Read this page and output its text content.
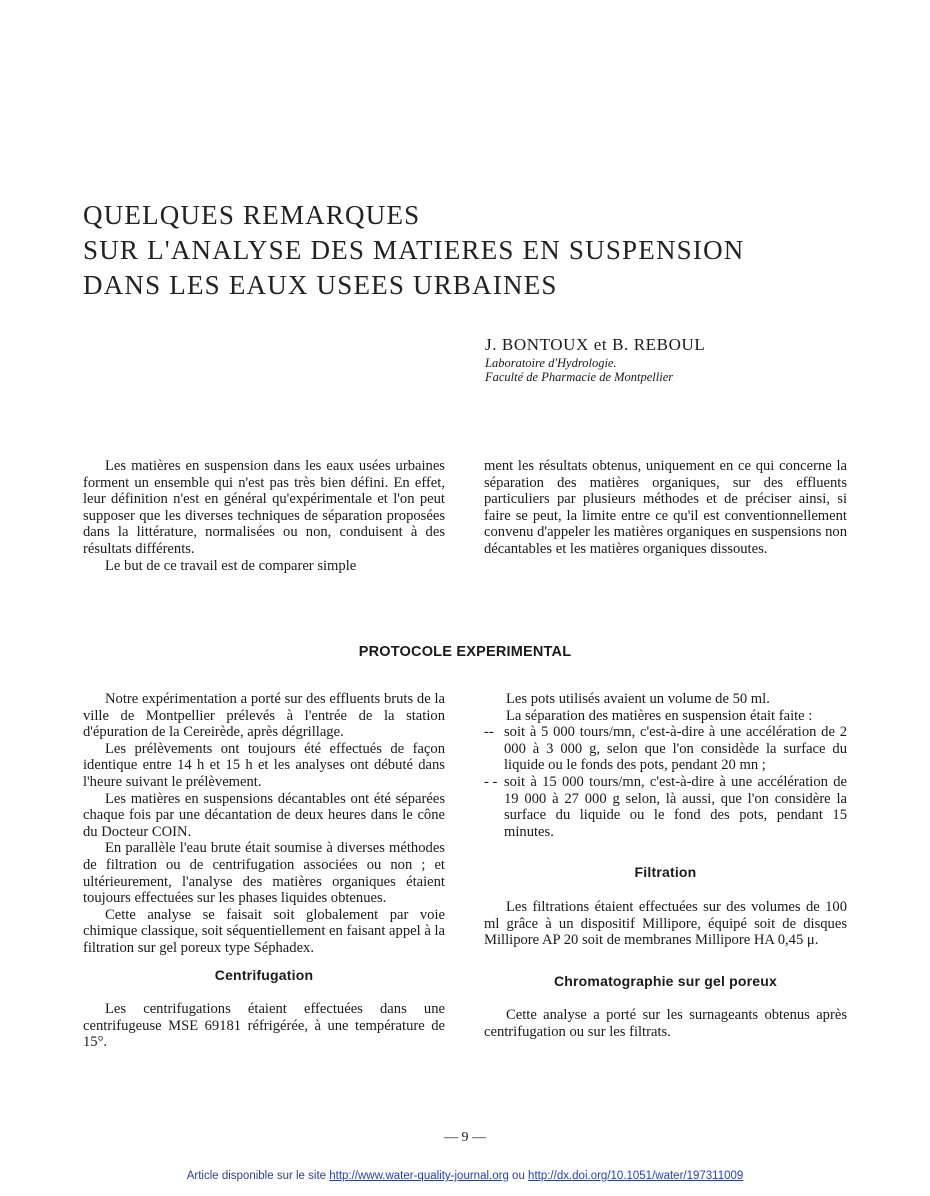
QUELQUES REMARQUES
SUR L'ANALYSE DES MATIERES EN SUSPENSION
DANS LES EAUX USEES URBAINES
J. BONTOUX et B. REBOUL
Laboratoire d'Hydrologie.
Faculté de Pharmacie de Montpellier

Les matières en suspension dans les eaux usées urbaines forment un ensemble qui n'est pas très bien défini. En effet, leur définition n'est en général qu'expérimentale et l'on peut supposer que les diverses techniques de séparation proposées dans la littérature, normalisées ou non, conduisent à des résultats différents.

Le but de ce travail est de comparer simple

ment les résultats obtenus, uniquement en ce qui concerne la séparation des matières organiques, sur des effluents particuliers par plusieurs méthodes et de préciser ainsi, si faire se peut, la limite entre ce qu'il est conventionnellement convenu d'appeler les matières organiques en suspensions non décantables et les matières organiques dissoutes.

PROTOCOLE EXPERIMENTAL

Notre expérimentation a porté sur des effluents bruts de la ville de Montpellier prélevés à l'entrée de la station d'épuration de la Cereirède, après dégrillage.

Les prélèvements ont toujours été effectués de façon identique entre 14 h et 15 h et les analyses ont débuté dans l'heure suivant le prélèvement.

Les matières en suspensions décantables ont été séparées chaque fois par une décantation de deux heures dans le cône du Docteur COIN.

En parallèle l'eau brute était soumise à diverses méthodes de filtration ou de centrifugation associées ou non ; et ultérieurement, l'analyse des matières organiques étaient toujours effectuées sur les phases liquides obtenues.

Cette analyse se faisait soit globalement par voie chimique classique, soit séquentiellement en faisant appel à la filtration sur gel poreux type Séphadex.

Centrifugation

Les centrifugations étaient effectuées dans une centrifugeuse MSE 69181 réfrigérée, à une température de 15°.

Les pots utilisés avaient un volume de 50 ml.

La séparation des matières en suspension était faite :

-- soit à 5 000 tours/mn, c'est-à-dire à une accélération de 2 000 à 3 000 g, selon que l'on considède la surface du liquide ou le fonds des pots, pendant 20 mn ;
- - soit à 15 000 tours/mn, c'est-à-dire à une accélération de 19 000 à 27 000 g selon, là aussi, que l'on considère la surface du liquide ou le fond des pots, pendant 15 minutes.
Filtration

Les filtrations étaient effectuées sur des volumes de 100 ml grâce à un dispositif Millipore, équipé soit de disques Millipore AP 20 soit de membranes Millipore HA 0,45 μ.

Chromatographie sur gel poreux

Cette analyse a porté sur les surnageants obtenus après centrifugation ou sur les filtrats.

— 9 —
Article disponible sur le site http://www.water-quality-journal.org ou http://dx.doi.org/10.1051/water/197311009
